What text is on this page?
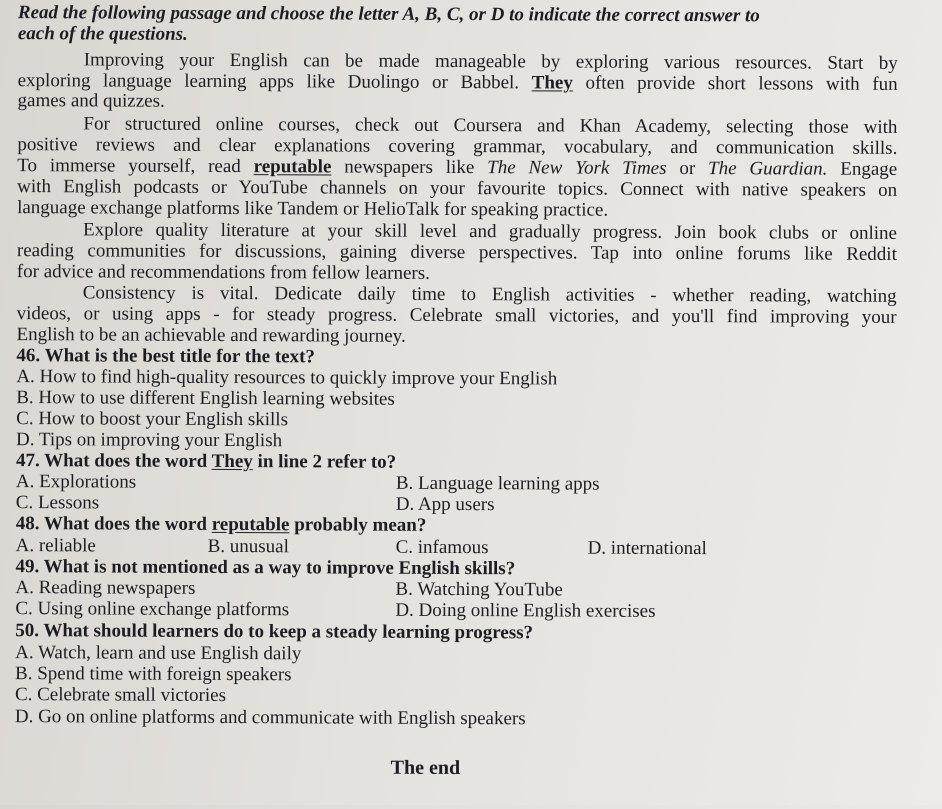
Read the following passage and choose the letter A, B, C, or D to indicate the correct answer to
each of the questions.
Improving your English can be made manageable by exploring various resources. Start by
exploring language learning apps like Duolingo or Babbel. They often provide short lessons with fun
games and quizzes.
For structured online courses, check out Coursera and Khan Academy, selecting those with
positive reviews and clear explanations covering grammar, vocabulary, and communication skills.
To immerse yourself, read reputable newspapers like The New York Times or The Guardian. Engage
with English podcasts or YouTube channels on your favourite topics. Connect with native speakers on
language exchange platforms like Tandem or HelioTalk for speaking practice.
Explore quality literature at your skill level and gradually progress. Join book clubs or online
reading communities for discussions, gaining diverse perspectives. Tap into online forums like Reddit
for advice and recommendations from fellow learners.
Consistency is vital. Dedicate daily time to English activities - whether reading, watching
videos, or using apps - for steady progress. Celebrate small victories, and you'll find improving your
English to be an achievable and rewarding journey.
46. What is the best title for the text?
A. How to find high-quality resources to quickly improve your English
B. How to use different English learning websites
C. How to boost your English skills
D. Tips on improving your English
47. What does the word They in line 2 refer to?
A. Explorations	B. Language learning apps
C. Lessons	D. App users
48. What does the word reputable probably mean?
A. reliable	B. unusual	C. infamous	D. international
49. What is not mentioned as a way to improve English skills?
A. Reading newspapers	B. Watching YouTube
C. Using online exchange platforms	D. Doing online English exercises
50. What should learners do to keep a steady learning progress?
A. Watch, learn and use English daily
B. Spend time with foreign speakers
C. Celebrate small victories
D. Go on online platforms and communicate with English speakers
The end
